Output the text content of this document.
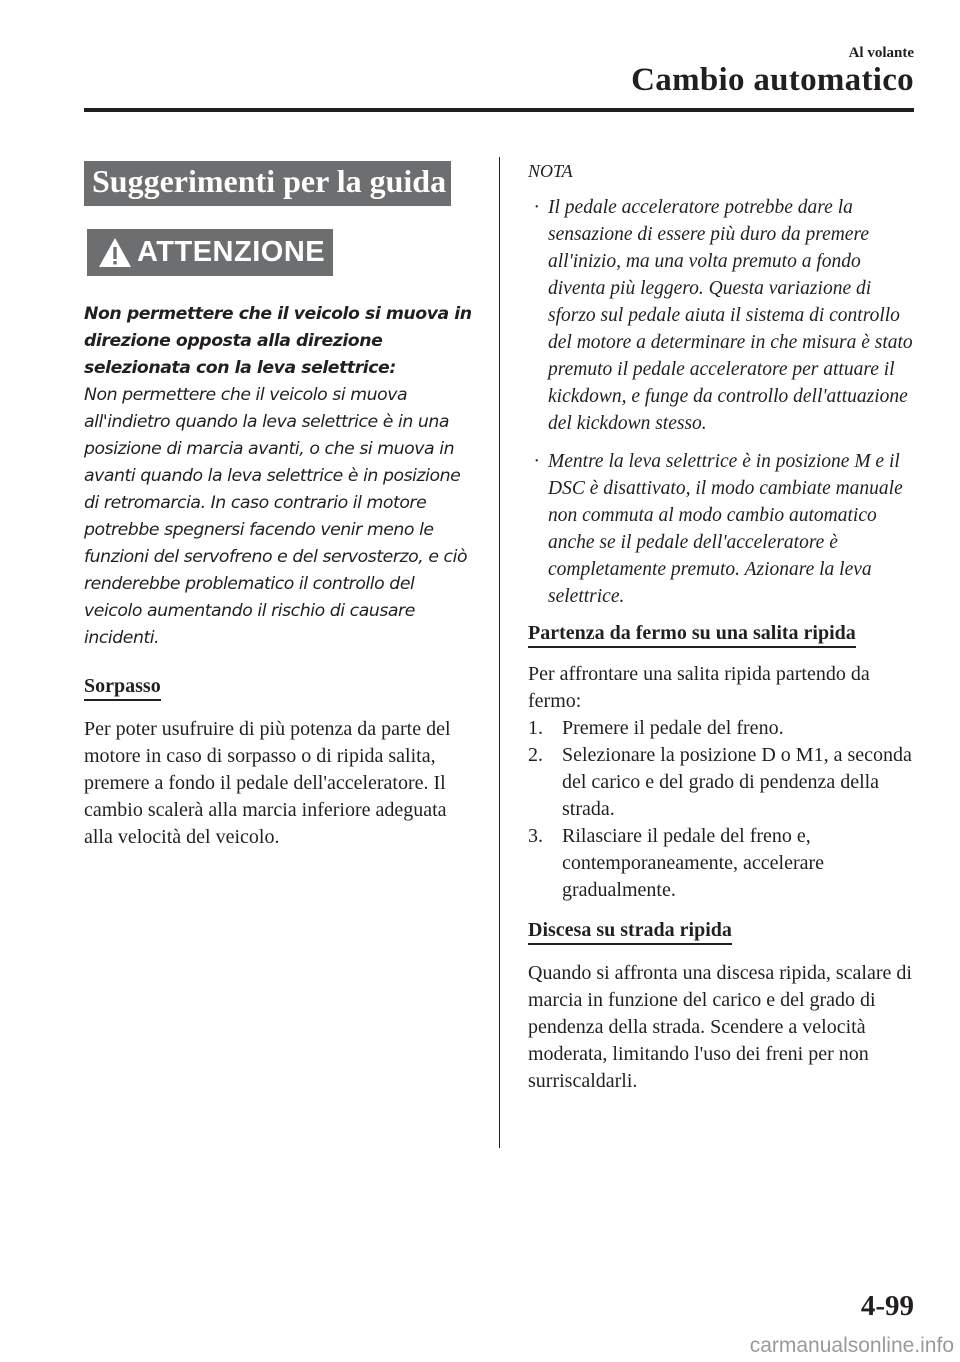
Al volante
Cambio automatico
Suggerimenti per la guida
ATTENZIONE
Non permettere che il veicolo si muova in direzione opposta alla direzione selezionata con la leva selettrice:
Non permettere che il veicolo si muova all'indietro quando la leva selettrice è in una posizione di marcia avanti, o che si muova in avanti quando la leva selettrice è in posizione di retromarcia. In caso contrario il motore potrebbe spegnersi facendo venir meno le funzioni del servofreno e del servosterzo, e ciò renderebbe problematico il controllo del veicolo aumentando il rischio di causare incidenti.
Sorpasso

Per poter usufruire di più potenza da parte del motore in caso di sorpasso o di ripida salita, premere a fondo il pedale dell'acceleratore. Il cambio scalerà alla marcia inferiore adeguata alla velocità del veicolo.

NOTA
· Il pedale acceleratore potrebbe dare la sensazione di essere più duro da premere all'inizio, ma una volta premuto a fondo diventa più leggero. Questa variazione di sforzo sul pedale aiuta il sistema di controllo del motore a determinare in che misura è stato premuto il pedale acceleratore per attuare il kickdown, e funge da controllo dell'attuazione del kickdown stesso.
· Mentre la leva selettrice è in posizione M e il DSC è disattivato, il modo cambiate manuale non commuta al modo cambio automatico anche se il pedale dell'acceleratore è completamente premuto. Azionare la leva selettrice.
Partenza da fermo su una salita ripida

Per affrontare una salita ripida partendo da fermo:

1. Premere il pedale del freno.
2. Selezionare la posizione D o M1, a seconda del carico e del grado di pendenza della strada.
3. Rilasciare il pedale del freno e, contemporaneamente, accelerare gradualmente.
Discesa su strada ripida

Quando si affronta una discesa ripida, scalare di marcia in funzione del carico e del grado di pendenza della strada. Scendere a velocità moderata, limitando l'uso dei freni per non surriscaldarli.

4-99
carmanualsonline.info
